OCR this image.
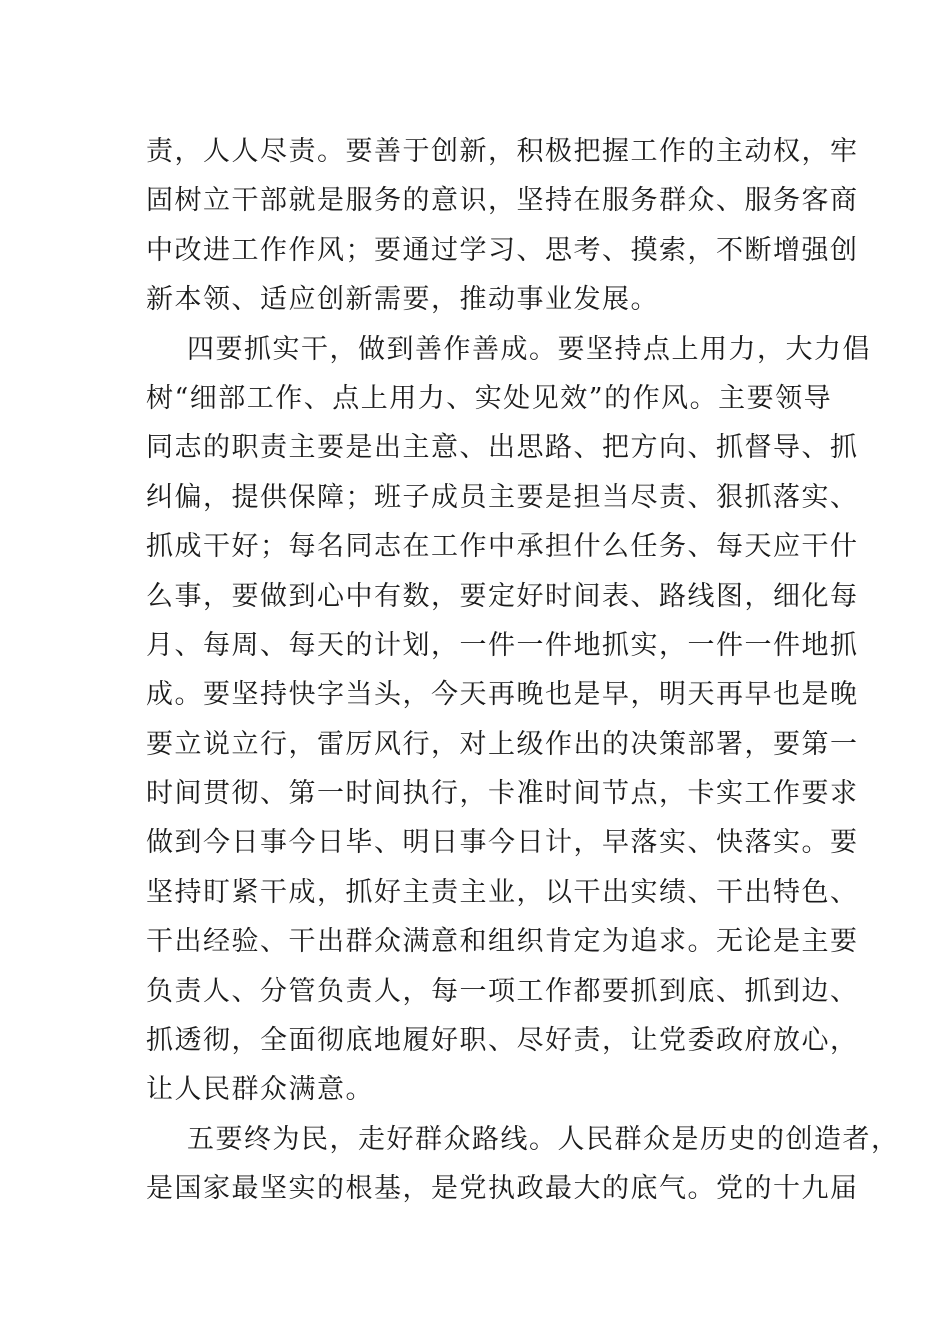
责，人人尽责。要善于创新，积极把握工作的主动权，牢
固树立干部就是服务的意识，坚持在服务群众、服务客商
中改进工作作风；要通过学习、思考、摸索，不断增强创
新本领、适应创新需要，推动事业发展。
四要抓实干，做到善作善成。要坚持点上用力，大力倡
树“细部工作、点上用力、实处见效”的作风。主要领导
同志的职责主要是出主意、出思路、把方向、抓督导、抓
纠偏，提供保障；班子成员主要是担当尽责、狠抓落实、
抓成干好；每名同志在工作中承担什么任务、每天应干什
么事，要做到心中有数，要定好时间表、路线图，细化每
月、每周、每天的计划，一件一件地抓实，一件一件地抓
成。要坚持快字当头，今天再晚也是早，明天再早也是晚
要立说立行，雷厉风行，对上级作出的决策部署，要第一
时间贯彻、第一时间执行，卡准时间节点，卡实工作要求
做到今日事今日毕、明日事今日计，早落实、快落实。要
坚持盯紧干成，抓好主责主业，以干出实绩、干出特色、
干出经验、干出群众满意和组织肯定为追求。无论是主要
负责人、分管负责人，每一项工作都要抓到底、抓到边、
抓透彻，全面彻底地履好职、尽好责，让党委政府放心，
让人民群众满意。
五要终为民，走好群众路线。人民群众是历史的创造者，
是国家最坚实的根基，是党执政最大的底气。党的十九届
